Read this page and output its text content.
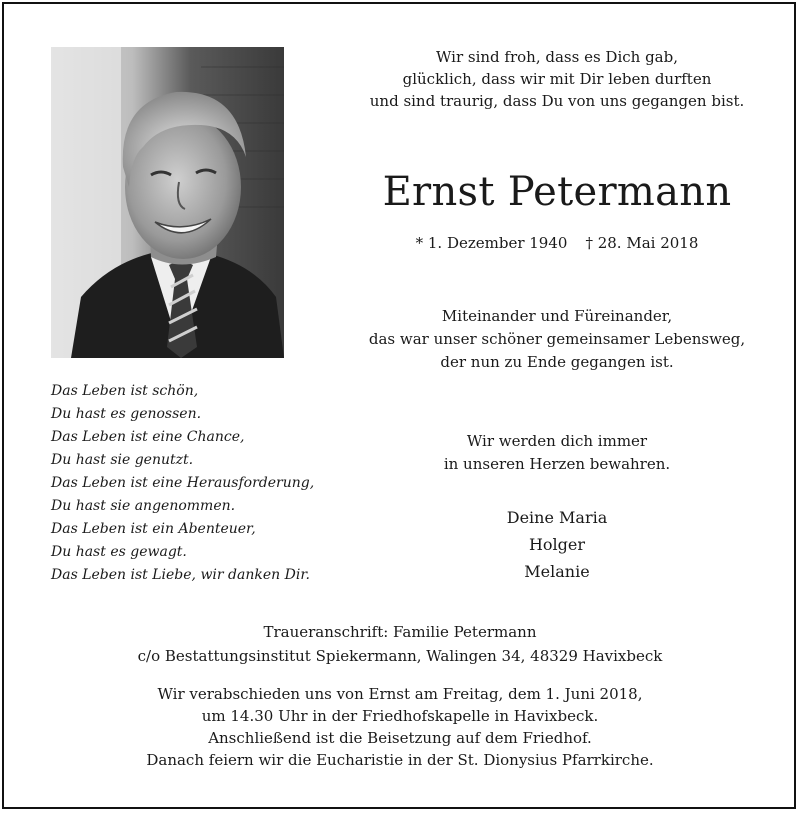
Wir sind froh, dass es Dich gab,
glücklich, dass wir mit Dir leben durften
und sind traurig, dass Du von uns gegangen bist.
Ernst Petermann
* 1. Dezember 1940 † 28. Mai 2018
Miteinander und Füreinander,
das war unser schöner gemeinsamer Lebensweg,
der nun zu Ende gegangen ist.
Das Leben ist schön,
Du hast es genossen.
Das Leben ist eine Chance,
Du hast sie genutzt.
Das Leben ist eine Herausforderung,
Du hast sie angenommen.
Das Leben ist ein Abenteuer,
Du hast es gewagt.
Das Leben ist Liebe, wir danken Dir.
Wir werden dich immer
in unseren Herzen bewahren.
Deine Maria
Holger
Melanie
Traueranschrift: Familie Petermann
c/o Bestattungsinstitut Spiekermann, Walingen 34, 48329 Havixbeck
Wir verabschieden uns von Ernst am Freitag, dem 1. Juni 2018,
um 14.30 Uhr in der Friedhofskapelle in Havixbeck.
Anschließend ist die Beisetzung auf dem Friedhof.
Danach feiern wir die Eucharistie in der St. Dionysius Pfarrkirche.
